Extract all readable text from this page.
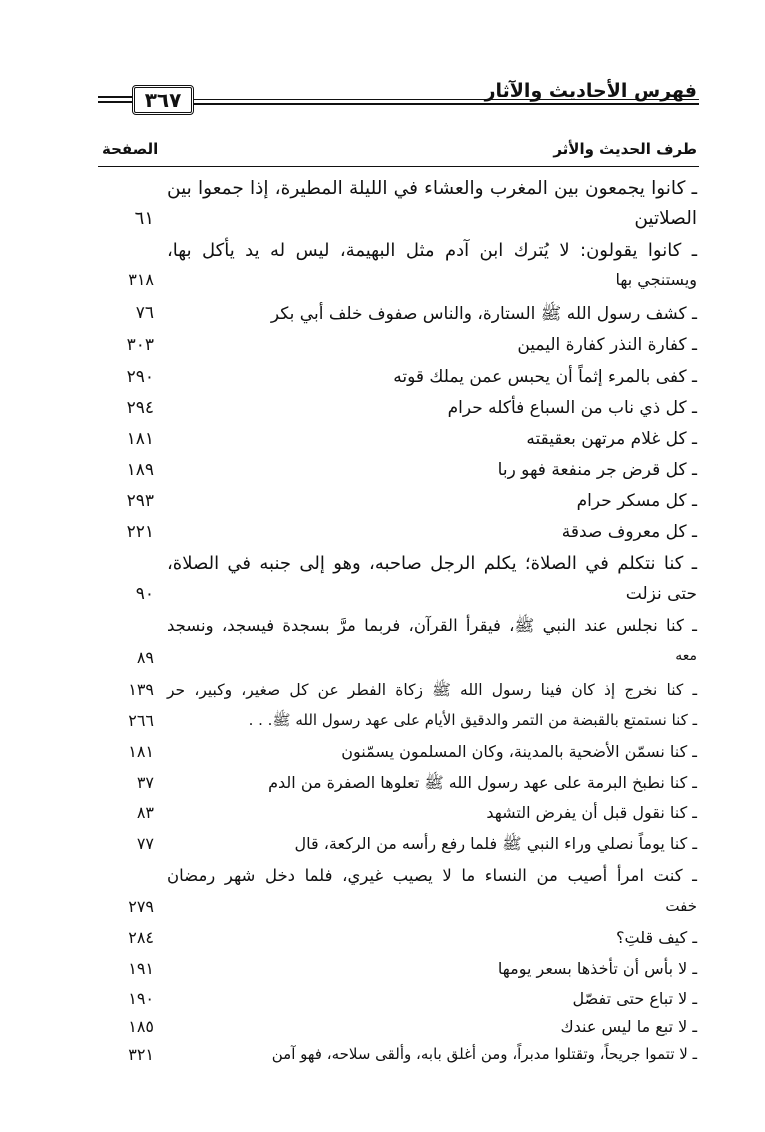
فهرس الأحاديث والآثار
٣٦٧
طرف الحديث والأثر
الصفحة
ـ كانوا يجمعون بين المغرب والعشاء في الليلة المطيرة، إذا جمعوا بين
الصلاتين
٦١
ـ كانوا يقولون: لا يُترك ابن آدم مثل البهيمة، ليس له يد يأكل بها،
ويستنجي بها
٣١٨
ـ كشف رسول الله ﷺ الستارة، والناس صفوف خلف أبي بكر
٧٦
ـ كفارة النذر كفارة اليمين
٣٠٣
ـ كفى بالمرء إثماً أن يحبس عمن يملك قوته
٢٩٠
ـ كل ذي ناب من السباع فأكله حرام
٢٩٤
ـ كل غلام مرتهن بعقيقته
١٨١
ـ كل قرض جر منفعة فهو ربا
١٨٩
ـ كل مسكر حرام
٢٩٣
ـ كل معروف صدقة
٢٢١
ـ كنا نتكلم في الصلاة؛ يكلم الرجل صاحبه، وهو إلى جنبه في الصلاة،
حتى نزلت
٩٠
ـ كنا نجلس عند النبي ﷺ، فيقرأ القرآن، فربما مرَّ بسجدة فيسجد، ونسجد
معه
٨٩
ـ كنا نخرج إذ كان فينا رسول الله ﷺ زكاة الفطر عن كل صغير، وكبير، حر
١٣٩
ـ كنا نستمتع بالقبضة من التمر والدقيق الأيام على عهد رسول الله ﷺ. . .
٢٦٦
ـ كنا نسمّن الأضحية بالمدينة، وكان المسلمون يسمّنون
١٨١
ـ كنا نطبخ البرمة على عهد رسول الله ﷺ تعلوها الصفرة من الدم
٣٧
ـ كنا نقول قبل أن يفرض التشهد
٨٣
ـ كنا يوماً نصلي وراء النبي ﷺ فلما رفع رأسه من الركعة، قال
٧٧
ـ كنت امرأ أصيب من النساء ما لا يصيب غيري، فلما دخل شهر رمضان
خفت
٢٧٩
ـ كيف قلتِ؟
٢٨٤
ـ لا بأس أن تأخذها بسعر يومها
١٩١
ـ لا تباع حتى تفصّل
١٩٠
ـ لا تبع ما ليس عندك
١٨٥
ـ لا تتموا جريحاً، وتقتلوا مدبراً، ومن أغلق بابه، وألقى سلاحه، فهو آمن
٣٢١
